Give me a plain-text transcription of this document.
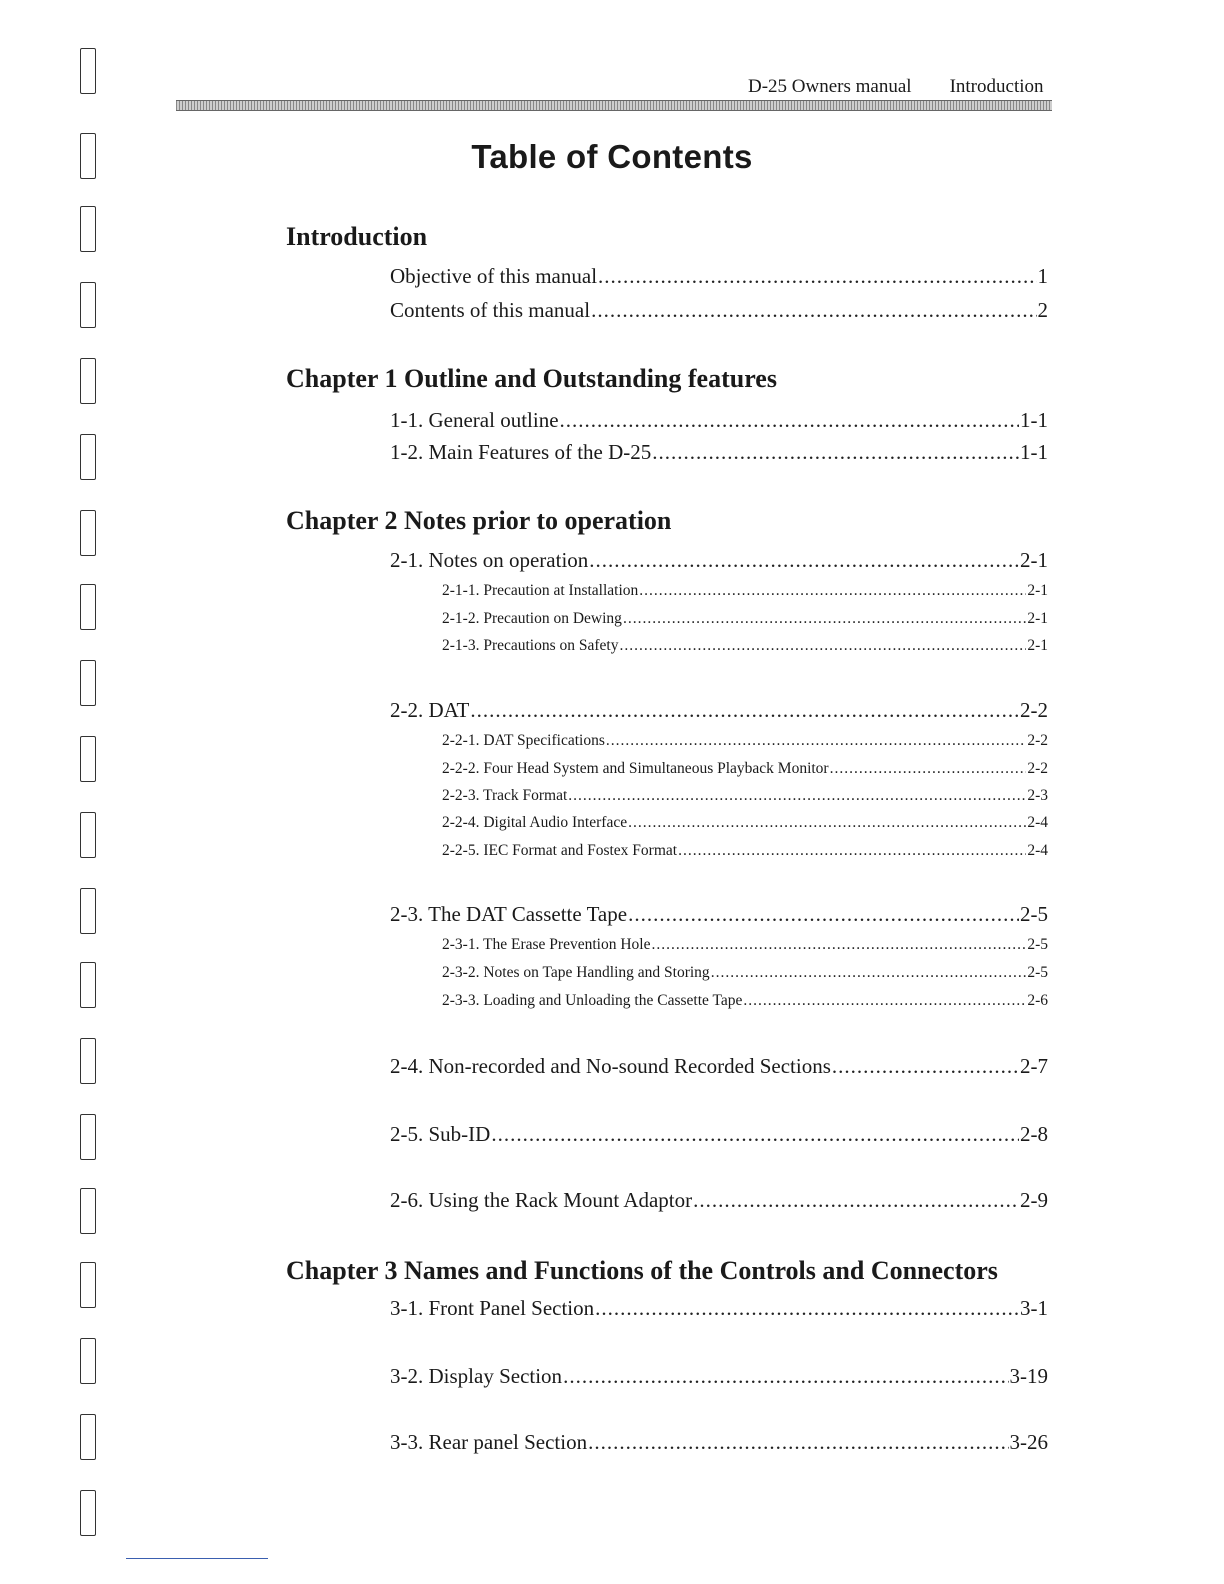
D-25 Owners manual Introduction
Table of Contents
Introduction
Objective of this manual .....	1
Contents of this manual .....	2
Chapter 1 Outline and Outstanding features
1-1. General outline .....	1-1
1-2. Main Features of the D-25 .....	1-1
Chapter 2 Notes prior to operation
2-1. Notes on operation .....	2-1
2-1-1. Precaution at Installation .....	2-1
2-1-2. Precaution on Dewing .....	2-1
2-1-3. Precautions on Safety .....	2-1
2-2. DAT .....	2-2
2-2-1. DAT Specifications .....	2-2
2-2-2. Four Head System and Simultaneous Playback Monitor .....	2-2
2-2-3. Track Format .....	2-3
2-2-4. Digital Audio Interface .....	2-4
2-2-5. IEC Format and Fostex Format .....	2-4
2-3. The DAT Cassette Tape .....	2-5
2-3-1. The Erase Prevention Hole .....	2-5
2-3-2. Notes on Tape Handling and Storing .....	2-5
2-3-3. Loading and Unloading the Cassette Tape .....	2-6
2-4. Non-recorded and No-sound Recorded Sections .....	2-7
2-5. Sub-ID .....	2-8
2-6. Using the Rack Mount Adaptor .....	2-9
Chapter 3 Names and Functions of the Controls and Connectors
3-1. Front Panel Section .....	3-1
3-2. Display Section .....	3-19
3-3. Rear panel Section .....	3-26
